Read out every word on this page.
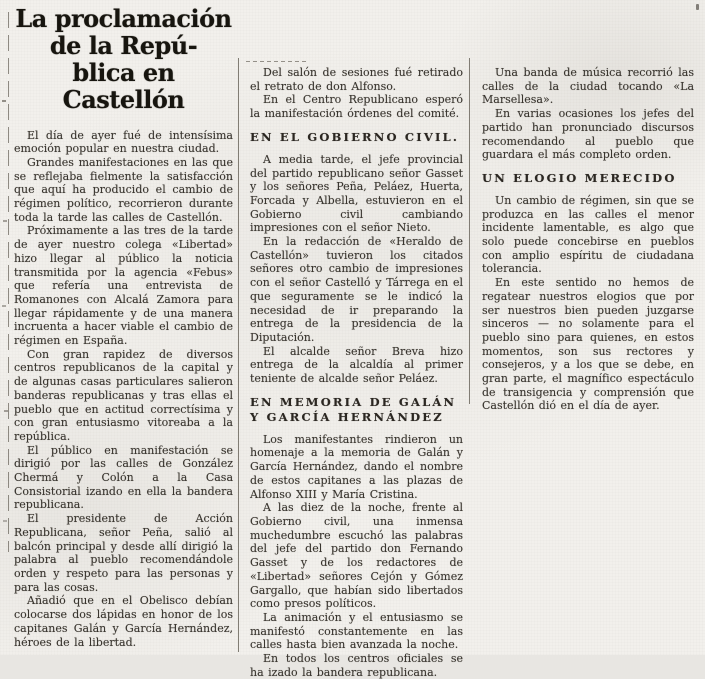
La proclamación de la Repú-
blica en Castellón

El día de ayer fué de intensísima emoción popular en nuestra ciudad.

Grandes manifestaciones en las que se reflejaba fielmente la satisfacción que aquí ha producido el cambio de régimen político, recorrieron durante toda la tarde las calles de Castellón.

Próximamente a las tres de la tarde de ayer nuestro colega «Libertad» hizo llegar al público la noticia transmitida por la agencia «Febus» que refería una entrevista de Romanones con Alcalá Zamora para llegar rápidamente y de una manera incruenta a hacer viable el cambio de régimen en España.

Con gran rapidez de diversos centros republicanos de la capital y de algunas casas particulares salieron banderas republicanas y tras ellas el pueblo que en actitud correctísima y con gran entusiasmo vitoreaba a la república.

El público en manifestación se dirigió por las calles de González Chermá y Colón a la Casa Consistorial izando en ella la bandera republicana.

El presidente de Acción Republicana, señor Peña, salió al balcón principal y desde allí dirigió la palabra al pueblo recomendándole orden y respeto para las personas y para las cosas.

Añadió que en el Obelisco debían colocarse dos lápidas en honor de los capitanes Galán y García Hernández, héroes de la libertad.

Del salón de sesiones fué retirado el retrato de don Alfonso.

En el Centro Republicano esperó la manifestación órdenes del comité.

EN EL GOBIERNO CIVIL.

A media tarde, el jefe provincial del partido republicano señor Gasset y los señores Peña, Peláez, Huerta, Forcada y Albella, estuvieron en el Gobierno civil cambiando impresiones con el señor Nieto.

En la redacción de «Heraldo de Castellón» tuvieron los citados señores otro cambio de impresiones con el señor Castelló y Tárrega en el que seguramente se le indicó la necesidad de ir preparando la entrega de la presidencia de la Diputación.

El alcalde señor Breva hizo entrega de la alcaldía al primer teniente de alcalde señor Peláez.

EN MEMORIA DE GALÁN Y GARCÍA HERNÁNDEZ

Los manifestantes rindieron un homenaje a la memoria de Galán y García Hernández, dando el nombre de estos capitanes a las plazas de Alfonso XIII y María Cristina.

A las diez de la noche, frente al Gobierno civil, una inmensa muchedumbre escuchó las palabras del jefe del partido don Fernando Gasset y de los redactores de «Libertad» señores Cejón y Gómez Gargallo, que habían sido libertados como presos políticos.

La animación y el entusiasmo se manifestó constantemente en las calles hasta bien avanzada la noche.

En todos los centros oficiales se ha izado la bandera republicana.

Una banda de música recorrió las calles de la ciudad tocando «La Marsellesa».

En varias ocasiones los jefes del partido han pronunciado discursos recomendando al pueblo que guardara el más completo orden.

UN ELOGIO MERECIDO

Un cambio de régimen, sin que se produzca en las calles el menor incidente lamentable, es algo que solo puede concebirse en pueblos con amplio espíritu de ciudadana tolerancia.

En este sentido no hemos de regatear nuestros elogios que por ser nuestros bien pueden juzgarse sinceros — no solamente para el pueblo sino para quienes, en estos momentos, son sus rectores y consejeros, y a los que se debe, en gran parte, el magnífico espectáculo de transigencia y comprensión que Castellón dió en el día de ayer.
